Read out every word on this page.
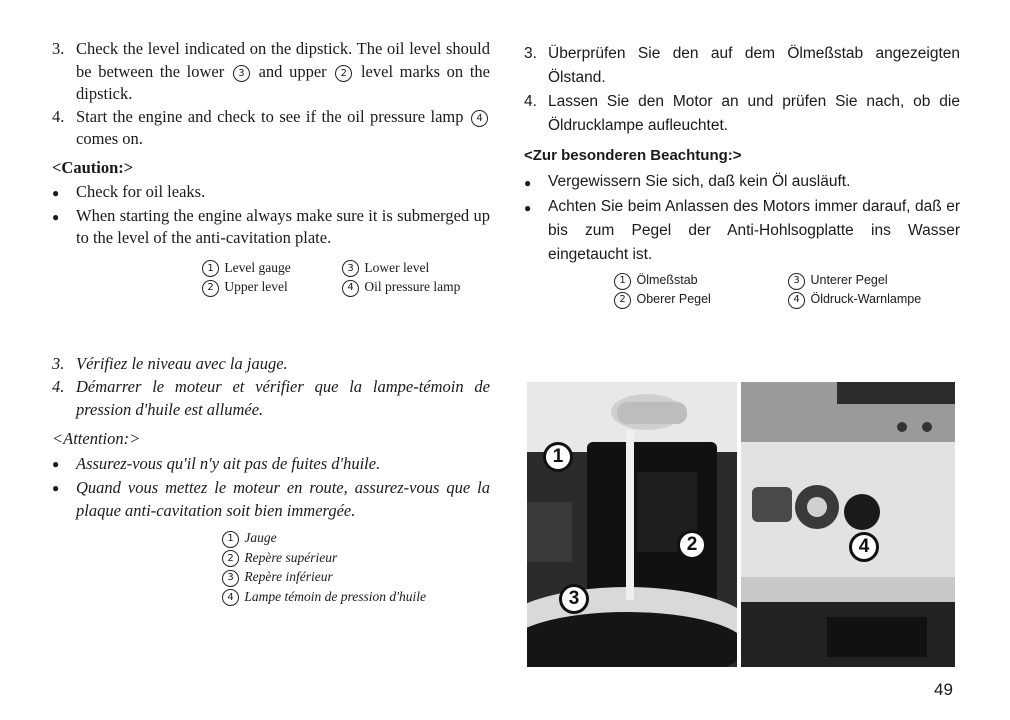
3. Check the level indicated on the dipstick. The oil level should be between the lower 3 and upper 2 level marks on the dipstick.
4. Start the engine and check to see if the oil pressure lamp 4 comes on.
<Caution:>
●	Check for oil leaks.
●	When starting the engine always make sure it is submerged up to the level of the anti-cavitation plate.
1 Level gauge	3 Lower level
2 Upper level	4 Oil pressure lamp
3. Überprüfen Sie den auf dem Ölmeßstab angezeigten Ölstand.
4. Lassen Sie den Motor an und prüfen Sie nach, ob die Öldrucklampe aufleuchtet.
<Zur besonderen Beachtung:>
●	Vergewissern Sie sich, daß kein Öl ausläuft.
●	Achten Sie beim Anlassen des Motors immer darauf, daß er bis zum Pegel der Anti-Hohlsogplatte ins Wasser eingetaucht ist.
1 Ölmeßstab	3 Unterer Pegel
2 Oberer Pegel	4 Öldruck-Warnlampe
3. Vérifiez le niveau avec la jauge.
4. Démarrer le moteur et vérifier que la lampe-témoin de pression d'huile est allumée.
<Attention:>
●	Assurez-vous qu'il n'y ait pas de fuites d'huile.
●	Quand vous mettez le moteur en route, assurez-vous que la plaque anti-cavitation soit bien immergée.
1 Jauge
2 Repère supérieur
3 Repère inférieur
4 Lampe témoin de pression d'huile
1
2
3
4
49
